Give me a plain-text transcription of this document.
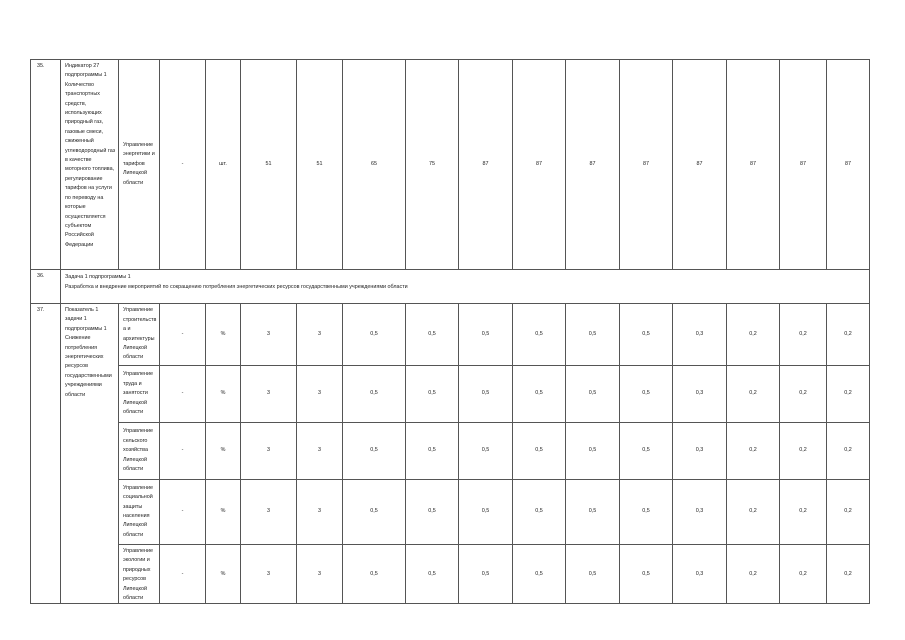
35.	Индикатор 27 подпрограммы 1 Количество транспортных средств, использующих природный газ, газовые смеси, сжиженный углеводородный газ в качестве моторного топлива, регулирование тарифов на услуги по переводу на которые осуществляется субъектом Российской Федерации	Управление энергетики и тарифов Липецкой области	-	шт.	51	51	65	75	87	87	87	87	87	87	87	87
36.	Задача 1 подпрограммы 1
Разработка и внедрение мероприятий по сокращению потребления энергетических ресурсов государственными учреждениями области															

37.	Показатель 1 задачи 1 подпрограммы 1 Снижение потребления энергетических ресурсов государственными учреждениями области	Управление строительства и архитектуры Липецкой области	-	%	3	3	0,5	0,5	0,5	0,5	0,5	0,5	0,3	0,2	0,2	0,2
		Управление труда и занятости Липецкой области	-	%	3	3	0,5	0,5	0,5	0,5	0,5	0,5	0,3	0,2	0,2	0,2
		Управление сельского хозяйства Липецкой области	-	%	3	3	0,5	0,5	0,5	0,5	0,5	0,5	0,3	0,2	0,2	0,2
		Управление социальной защиты населения Липецкой области	-	%	3	3	0,5	0,5	0,5	0,5	0,5	0,5	0,3	0,2	0,2	0,2
		Управление экологии и природных ресурсов Липецкой области	-	%	3	3	0,5	0,5	0,5	0,5	0,5	0,5	0,3	0,2	0,2	0,2
